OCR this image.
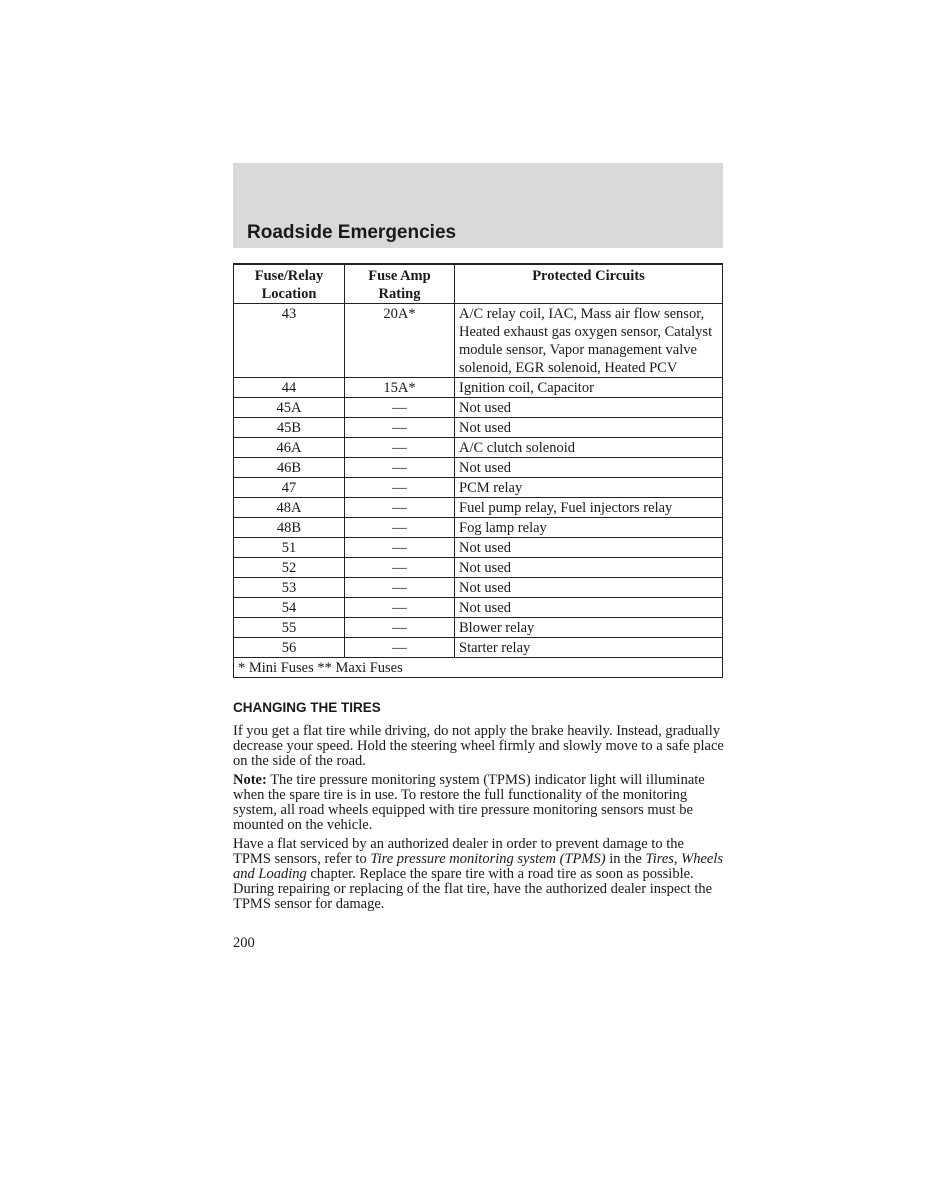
Roadside Emergencies
Fuse/Relay Location	Fuse Amp Rating	Protected Circuits
43	20A*	A/C relay coil, IAC, Mass air flow sensor, Heated exhaust gas oxygen sensor, Catalyst module sensor, Vapor management valve solenoid, EGR solenoid, Heated PCV
44	15A*	Ignition coil, Capacitor
45A	—	Not used
45B	—	Not used
46A	—	A/C clutch solenoid
46B	—	Not used
47	—	PCM relay
48A	—	Fuel pump relay, Fuel injectors relay
48B	—	Fog lamp relay
51	—	Not used
52	—	Not used
53	—	Not used
54	—	Not used
55	—	Blower relay
56	—	Starter relay
* Mini Fuses ** Maxi Fuses		
CHANGING THE TIRES

If you get a flat tire while driving, do not apply the brake heavily. Instead, gradually decrease your speed. Hold the steering wheel firmly and slowly move to a safe place on the side of the road.

Note: The tire pressure monitoring system (TPMS) indicator light will illuminate when the spare tire is in use. To restore the full functionality of the monitoring system, all road wheels equipped with tire pressure monitoring sensors must be mounted on the vehicle.

Have a flat serviced by an authorized dealer in order to prevent damage to the TPMS sensors, refer to Tire pressure monitoring system (TPMS) in the Tires, Wheels and Loading chapter. Replace the spare tire with a road tire as soon as possible. During repairing or replacing of the flat tire, have the authorized dealer inspect the TPMS sensor for damage.

200
